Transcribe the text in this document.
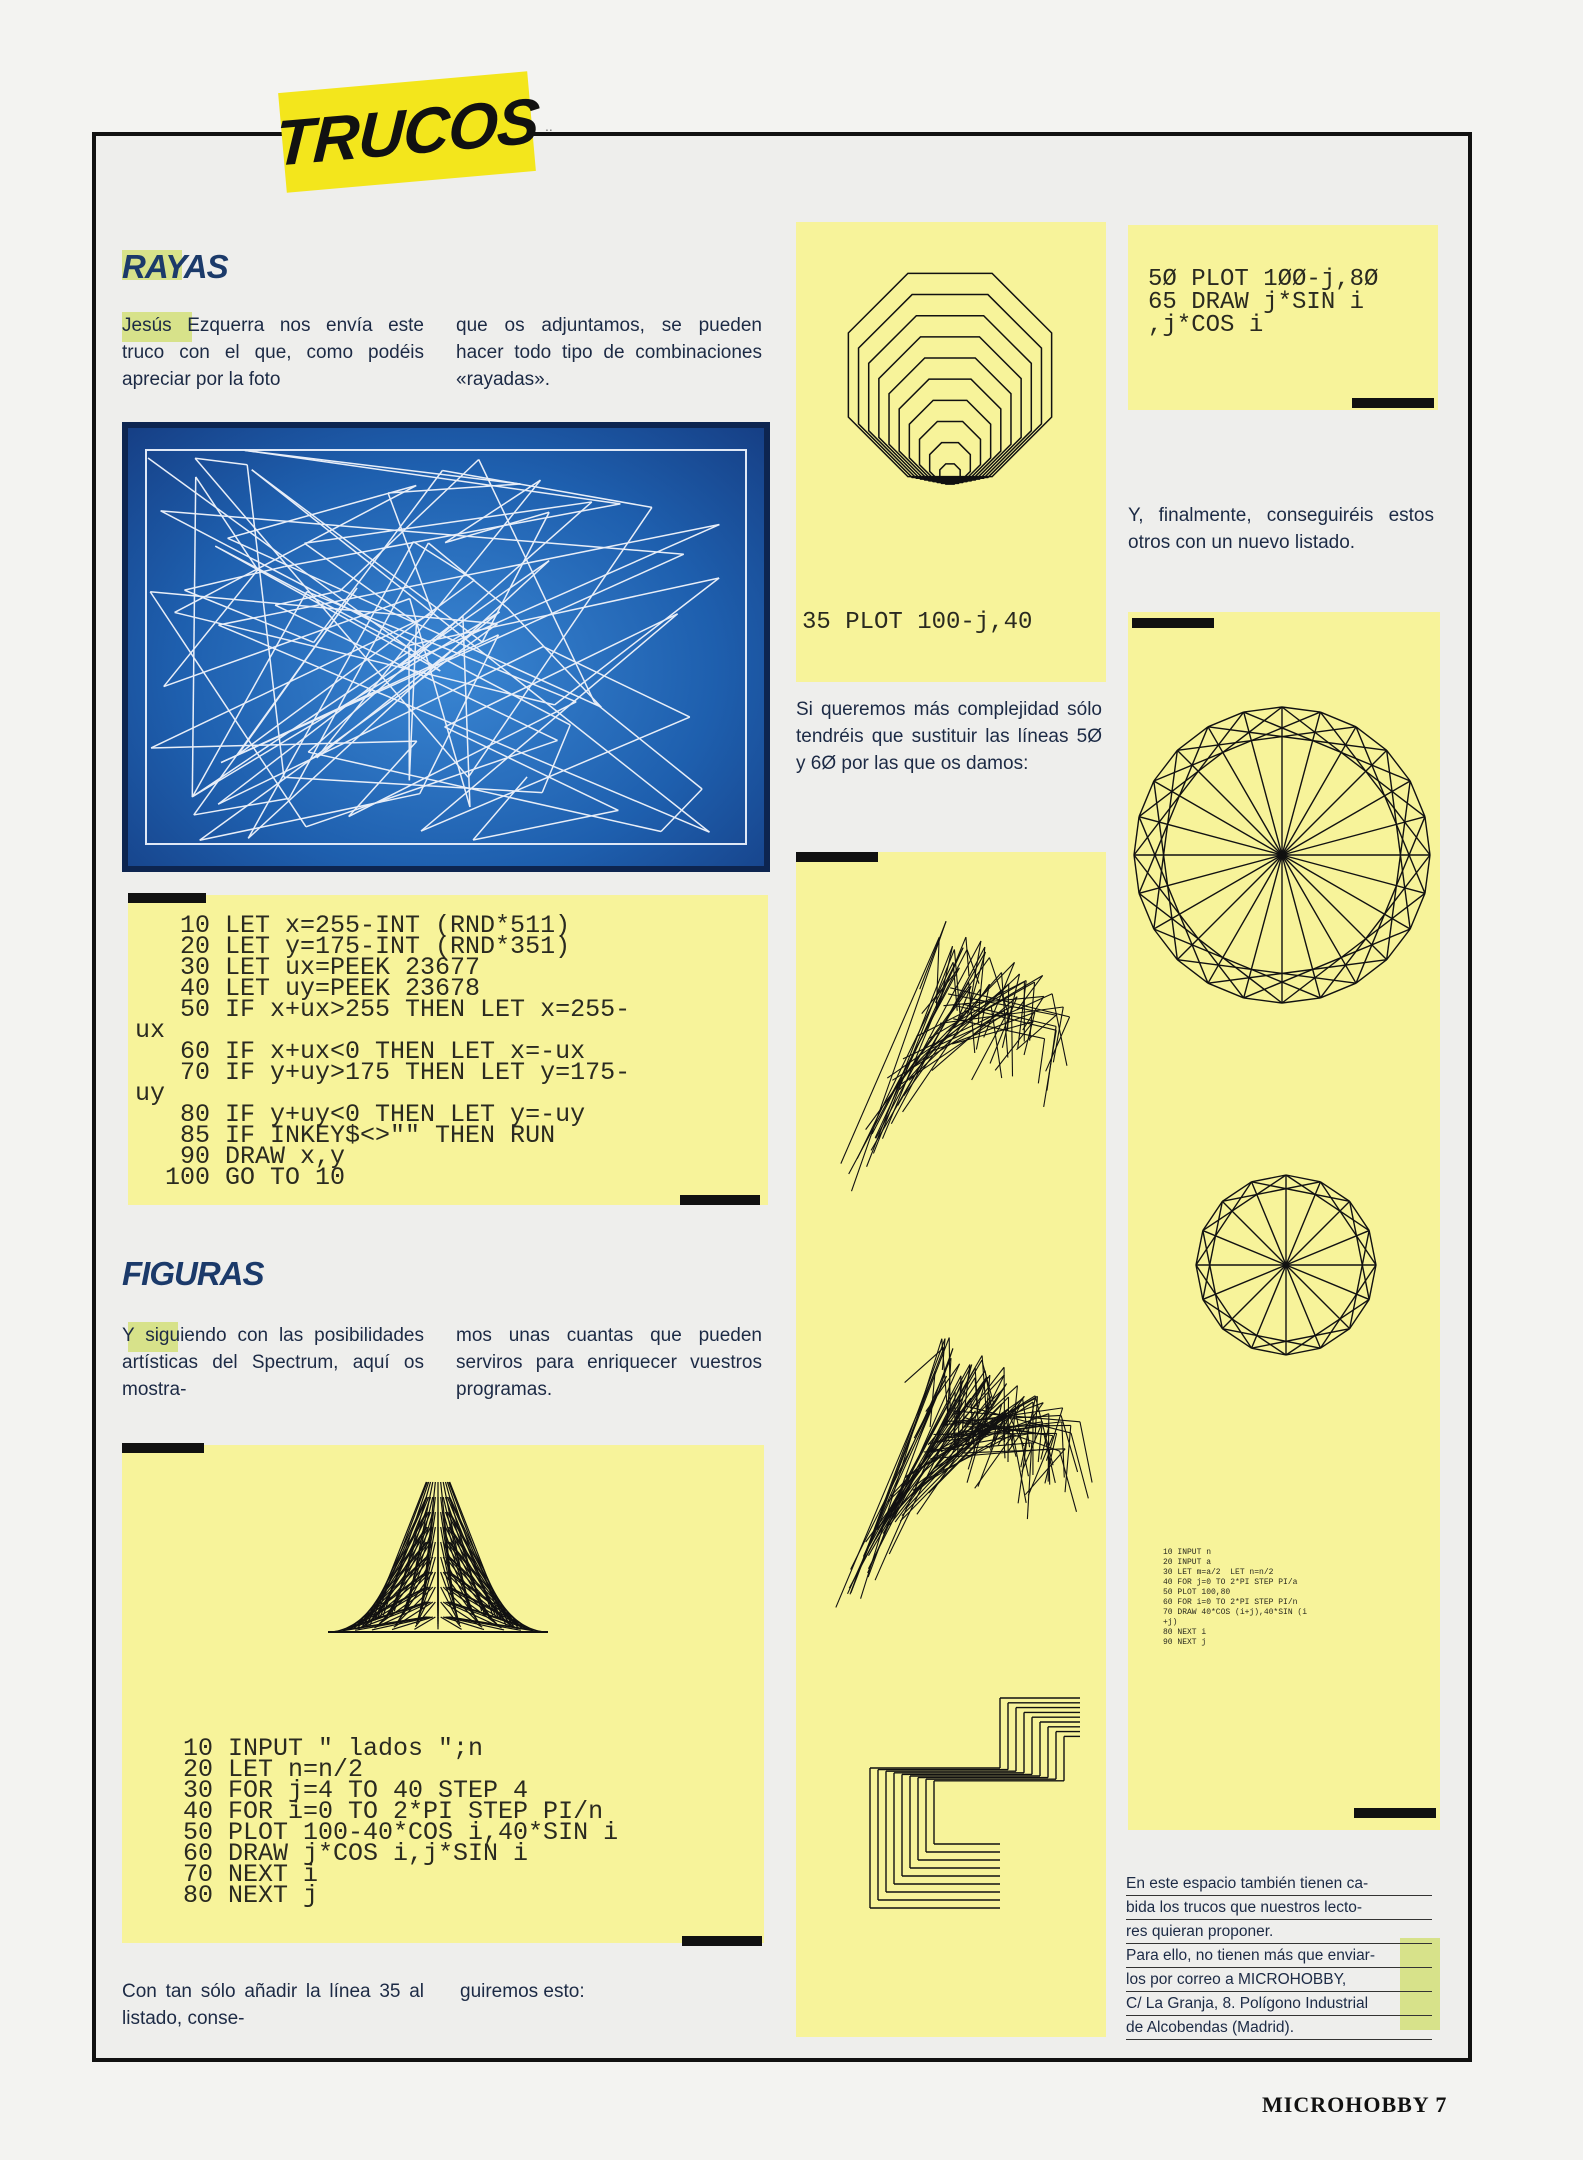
TRUCOS ..
RAYAS
Jesús Ezquerra nos envía este truco con el que, como podéis apreciar por la foto
que os adjuntamos, se pueden hacer todo tipo de combinaciones «rayadas».
10 LET x=255-INT (RND*511)
20 LET y=175-INT (RND*351)
30 LET ux=PEEK 23677
40 LET uy=PEEK 23678
50 IF x+ux>255 THEN LET x=255-
ux
60 IF x+ux<0 THEN LET x=-ux
70 IF y+uy>175 THEN LET y=175-
uy
80 IF y+uy<0 THEN LET y=-uy
85 IF INKEY$<>"" THEN RUN
90 DRAW x,y
100 GO TO 10
FIGURAS
Y siguiendo con las posibilidades artísticas del Spectrum, aquí os mostra-
mos unas cuantas que pueden serviros para enriquecer vuestros programas.
10 INPUT " lados ";n
20 LET n=n/2
30 FOR j=4 TO 40 STEP 4
40 FOR i=0 TO 2*PI STEP PI/n
50 PLOT 100-40*COS i,40*SIN i
60 DRAW j*COS i,j*SIN i
70 NEXT i
80 NEXT j
Con tan sólo añadir la línea 35 al listado, conse-
guiremos esto:
35 PLOT 100-j,40
Si queremos más complejidad sólo tendréis que sustituir las líneas 5Ø y 6Ø por las que os damos:
5Ø PLOT 1ØØ-j,8Ø
65 DRAW j*SIN i
,j*COS i
Y, finalmente, conseguiréis estos otros con un nuevo listado.
10 INPUT n
20 INPUT a
30 LET m=a/2  LET n=n/2
40 FOR j=0 TO 2*PI STEP PI/a
50 PLOT 100,80
60 FOR i=0 TO 2*PI STEP PI/n
70 DRAW 40*COS (i+j),40*SIN (i
+j)
80 NEXT i
90 NEXT j
En este espacio también tienen ca-
bida los trucos que nuestros lecto-
res quieran proponer.
Para ello, no tienen más que enviar-
los por correo a MICROHOBBY,
C/ La Granja, 8. Polígono Industrial
de Alcobendas (Madrid).
MICROHOBBY 7
